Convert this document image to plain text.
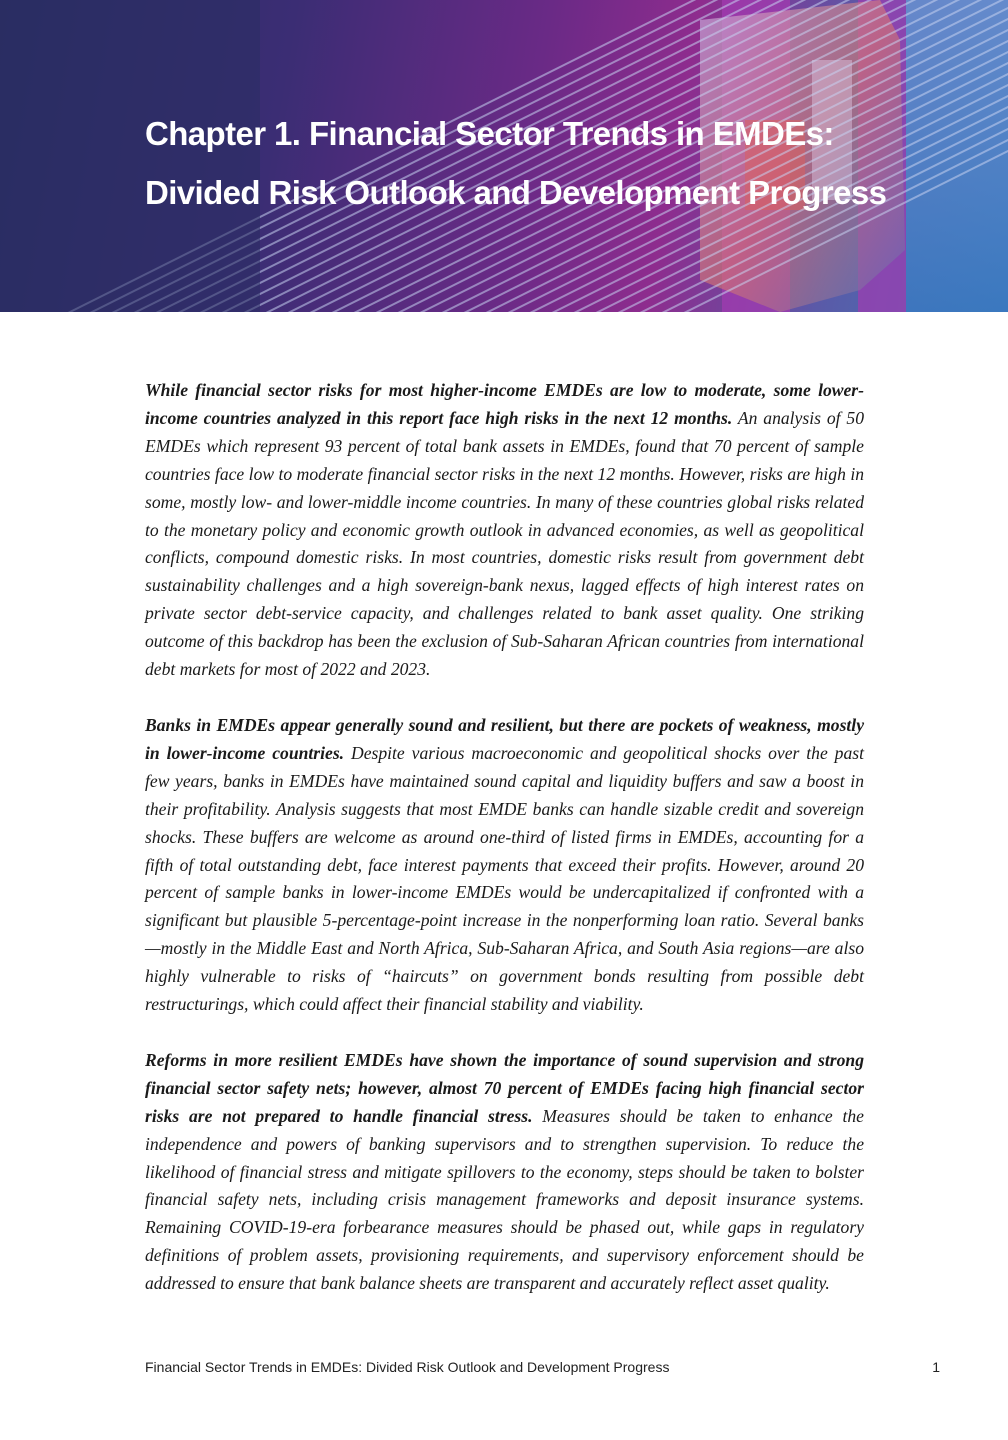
Chapter 1. Financial Sector Trends in EMDEs:
Divided Risk Outlook and Development Progress

While financial sector risks for most higher-income EMDEs are low to moderate, some lower-income countries analyzed in this report face high risks in the next 12 months. An analysis of 50 EMDEs which represent 93 percent of total bank assets in EMDEs, found that 70 percent of sample countries face low to moderate financial sector risks in the next 12 months. However, risks are high in some, mostly low- and lower-middle income countries. In many of these countries global risks related to the monetary policy and economic growth outlook in advanced economies, as well as geopolitical conflicts, compound domestic risks. In most countries, domestic risks result from government debt sustainability challenges and a high sovereign-bank nexus, lagged effects of high interest rates on private sector debt-service capacity, and challenges related to bank asset quality. One striking outcome of this backdrop has been the exclusion of Sub-Saharan African countries from international debt markets for most of 2022 and 2023.

Banks in EMDEs appear generally sound and resilient, but there are pockets of weakness, mostly in lower-income countries. Despite various macroeconomic and geopolitical shocks over the past few years, banks in EMDEs have maintained sound capital and liquidity buffers and saw a boost in their profitability. Analysis suggests that most EMDE banks can handle sizable credit and sovereign shocks. These buffers are welcome as around one-third of listed firms in EMDEs, accounting for a fifth of total outstanding debt, face interest payments that exceed their profits. However, around 20 percent of sample banks in lower-income EMDEs would be undercapitalized if confronted with a significant but plausible 5-percentage-point increase in the nonperforming loan ratio. Several banks—mostly in the Middle East and North Africa, Sub-Saharan Africa, and South Asia regions—are also highly vulnerable to risks of “haircuts” on government bonds resulting from possible debt restructurings, which could affect their financial stability and viability.

Reforms in more resilient EMDEs have shown the importance of sound supervision and strong financial sector safety nets; however, almost 70 percent of EMDEs facing high financial sector risks are not prepared to handle financial stress. Measures should be taken to enhance the independence and powers of banking supervisors and to strengthen supervision. To reduce the likelihood of financial stress and mitigate spillovers to the economy, steps should be taken to bolster financial safety nets, including crisis management frameworks and deposit insurance systems. Remaining COVID-19-era forbearance measures should be phased out, while gaps in regulatory definitions of problem assets, provisioning requirements, and supervisory enforcement should be addressed to ensure that bank balance sheets are transparent and accurately reflect asset quality.

Financial Sector Trends in EMDEs: Divided Risk Outlook and Development Progress	1
